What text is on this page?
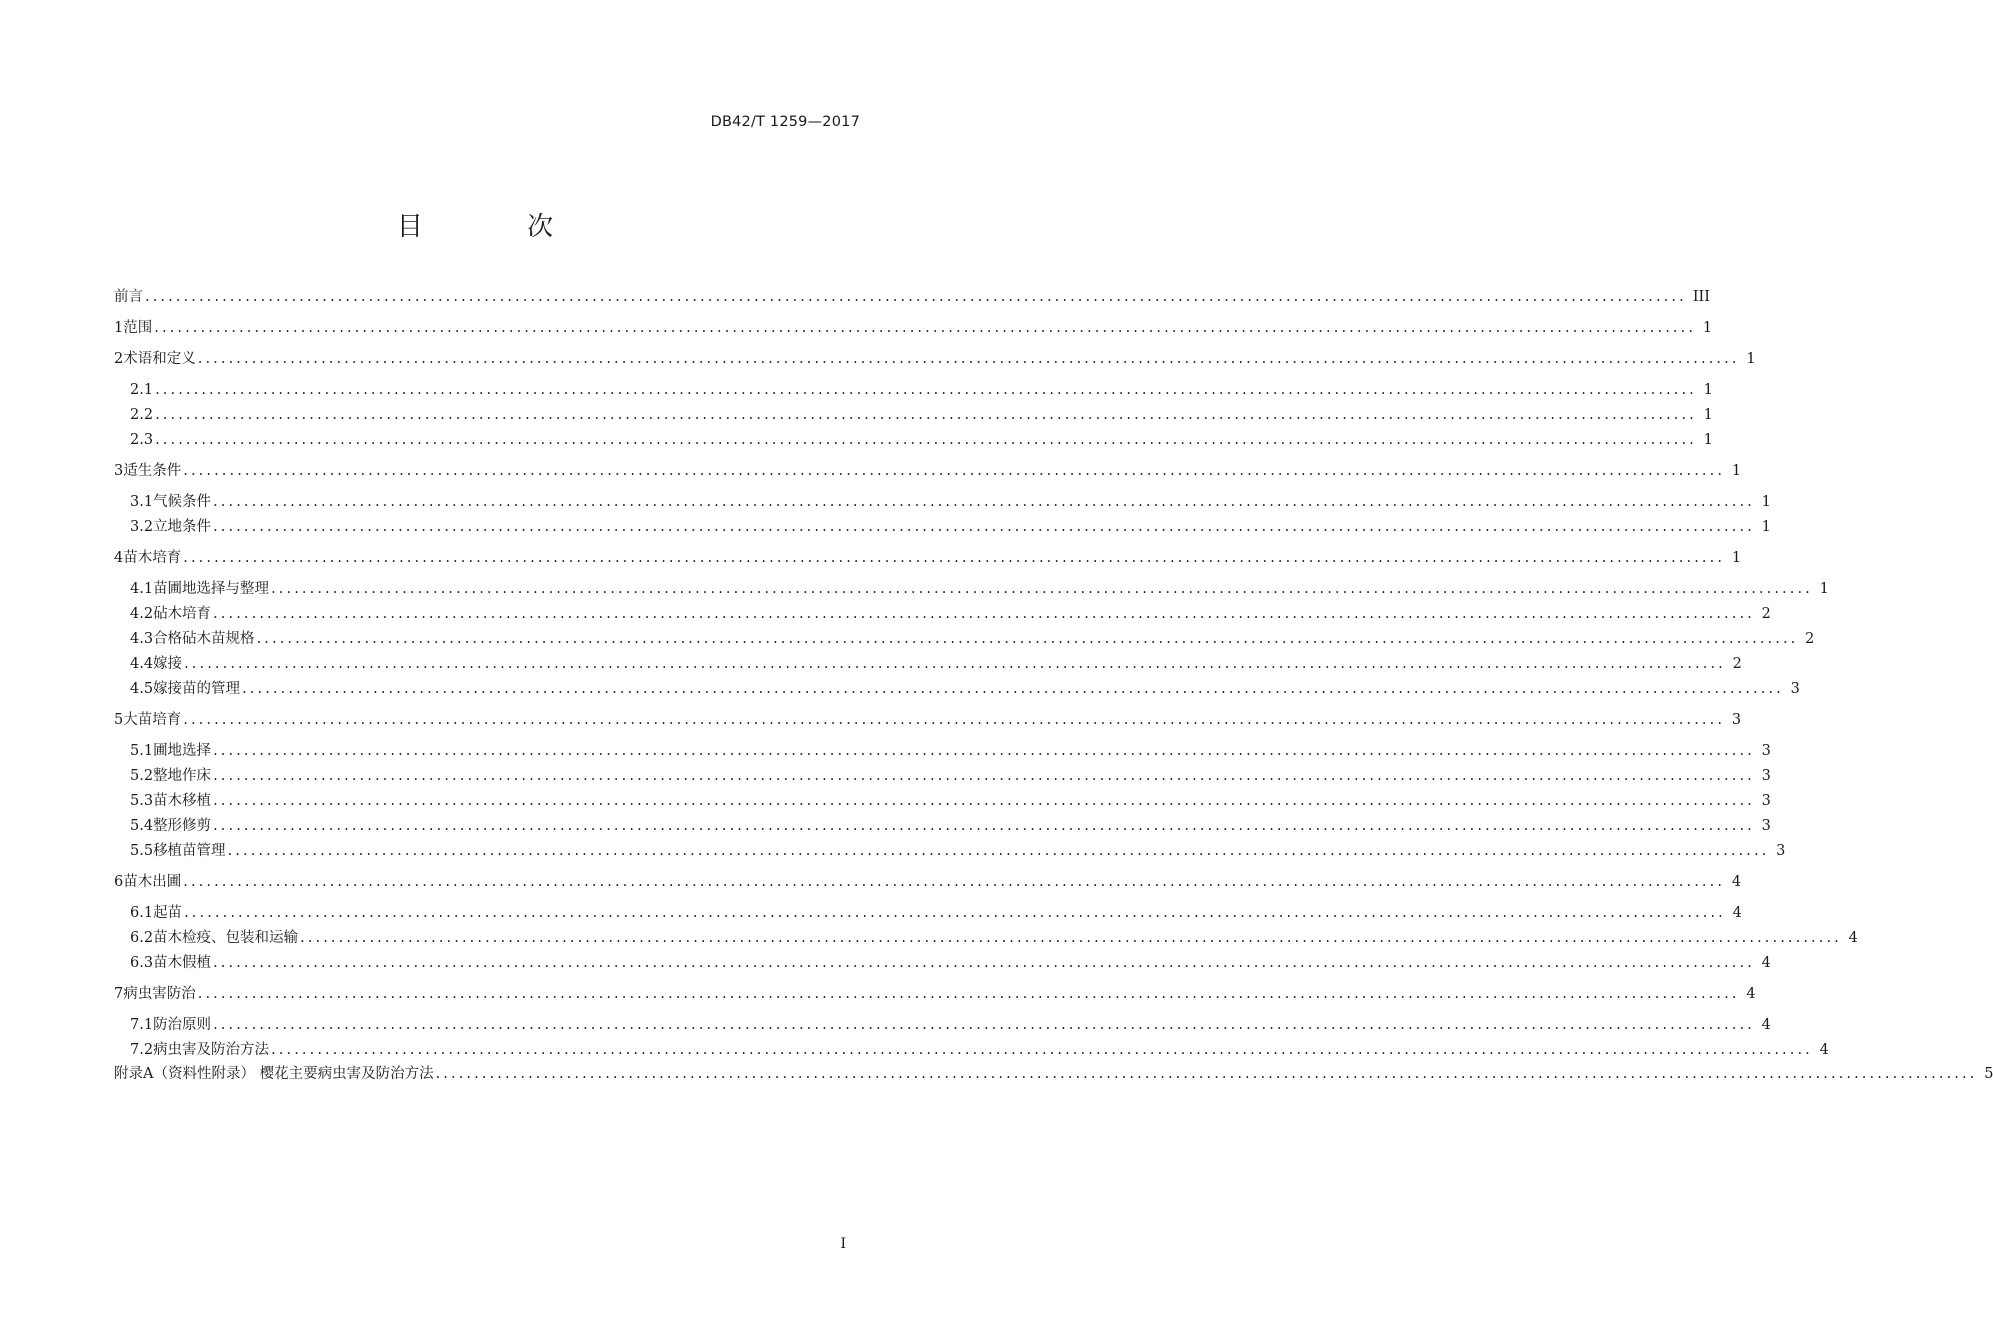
DB42/T 1259—2017
目 次
前言 ........................................................................................................................................................................................................ III
1 范围 ........................................................................................................................................................................................................ 1
2 术语和定义 ........................................................................................................................................................................................................ 1
2.1 ........................................................................................................................................................................................................ 1
2.2 ........................................................................................................................................................................................................ 1
2.3 ........................................................................................................................................................................................................ 1
3 适生条件 ........................................................................................................................................................................................................ 1
3.1 气候条件 ........................................................................................................................................................................................................ 1
3.2 立地条件 ........................................................................................................................................................................................................ 1
4 苗木培育 ........................................................................................................................................................................................................ 1
4.1 苗圃地选择与整理 ........................................................................................................................................................................................................ 1
4.2 砧木培育 ........................................................................................................................................................................................................ 2
4.3 合格砧木苗规格 ........................................................................................................................................................................................................ 2
4.4 嫁接 ........................................................................................................................................................................................................ 2
4.5 嫁接苗的管理 ........................................................................................................................................................................................................ 3
5 大苗培育 ........................................................................................................................................................................................................ 3
5.1 圃地选择 ........................................................................................................................................................................................................ 3
5.2 整地作床 ........................................................................................................................................................................................................ 3
5.3 苗木移植 ........................................................................................................................................................................................................ 3
5.4 整形修剪 ........................................................................................................................................................................................................ 3
5.5 移植苗管理 ........................................................................................................................................................................................................ 3
6 苗木出圃 ........................................................................................................................................................................................................ 4
6.1 起苗 ........................................................................................................................................................................................................ 4
6.2 苗木检疫、包装和运输 ........................................................................................................................................................................................................ 4
6.3 苗木假植 ........................................................................................................................................................................................................ 4
7 病虫害防治 ........................................................................................................................................................................................................ 4
7.1 防治原则 ........................................................................................................................................................................................................ 4
7.2 病虫害及防治方法 ........................................................................................................................................................................................................ 4
附录A（资料性附录） 樱花主要病虫害及防治方法 ........................................................................................................................................................................................................ 5
I
